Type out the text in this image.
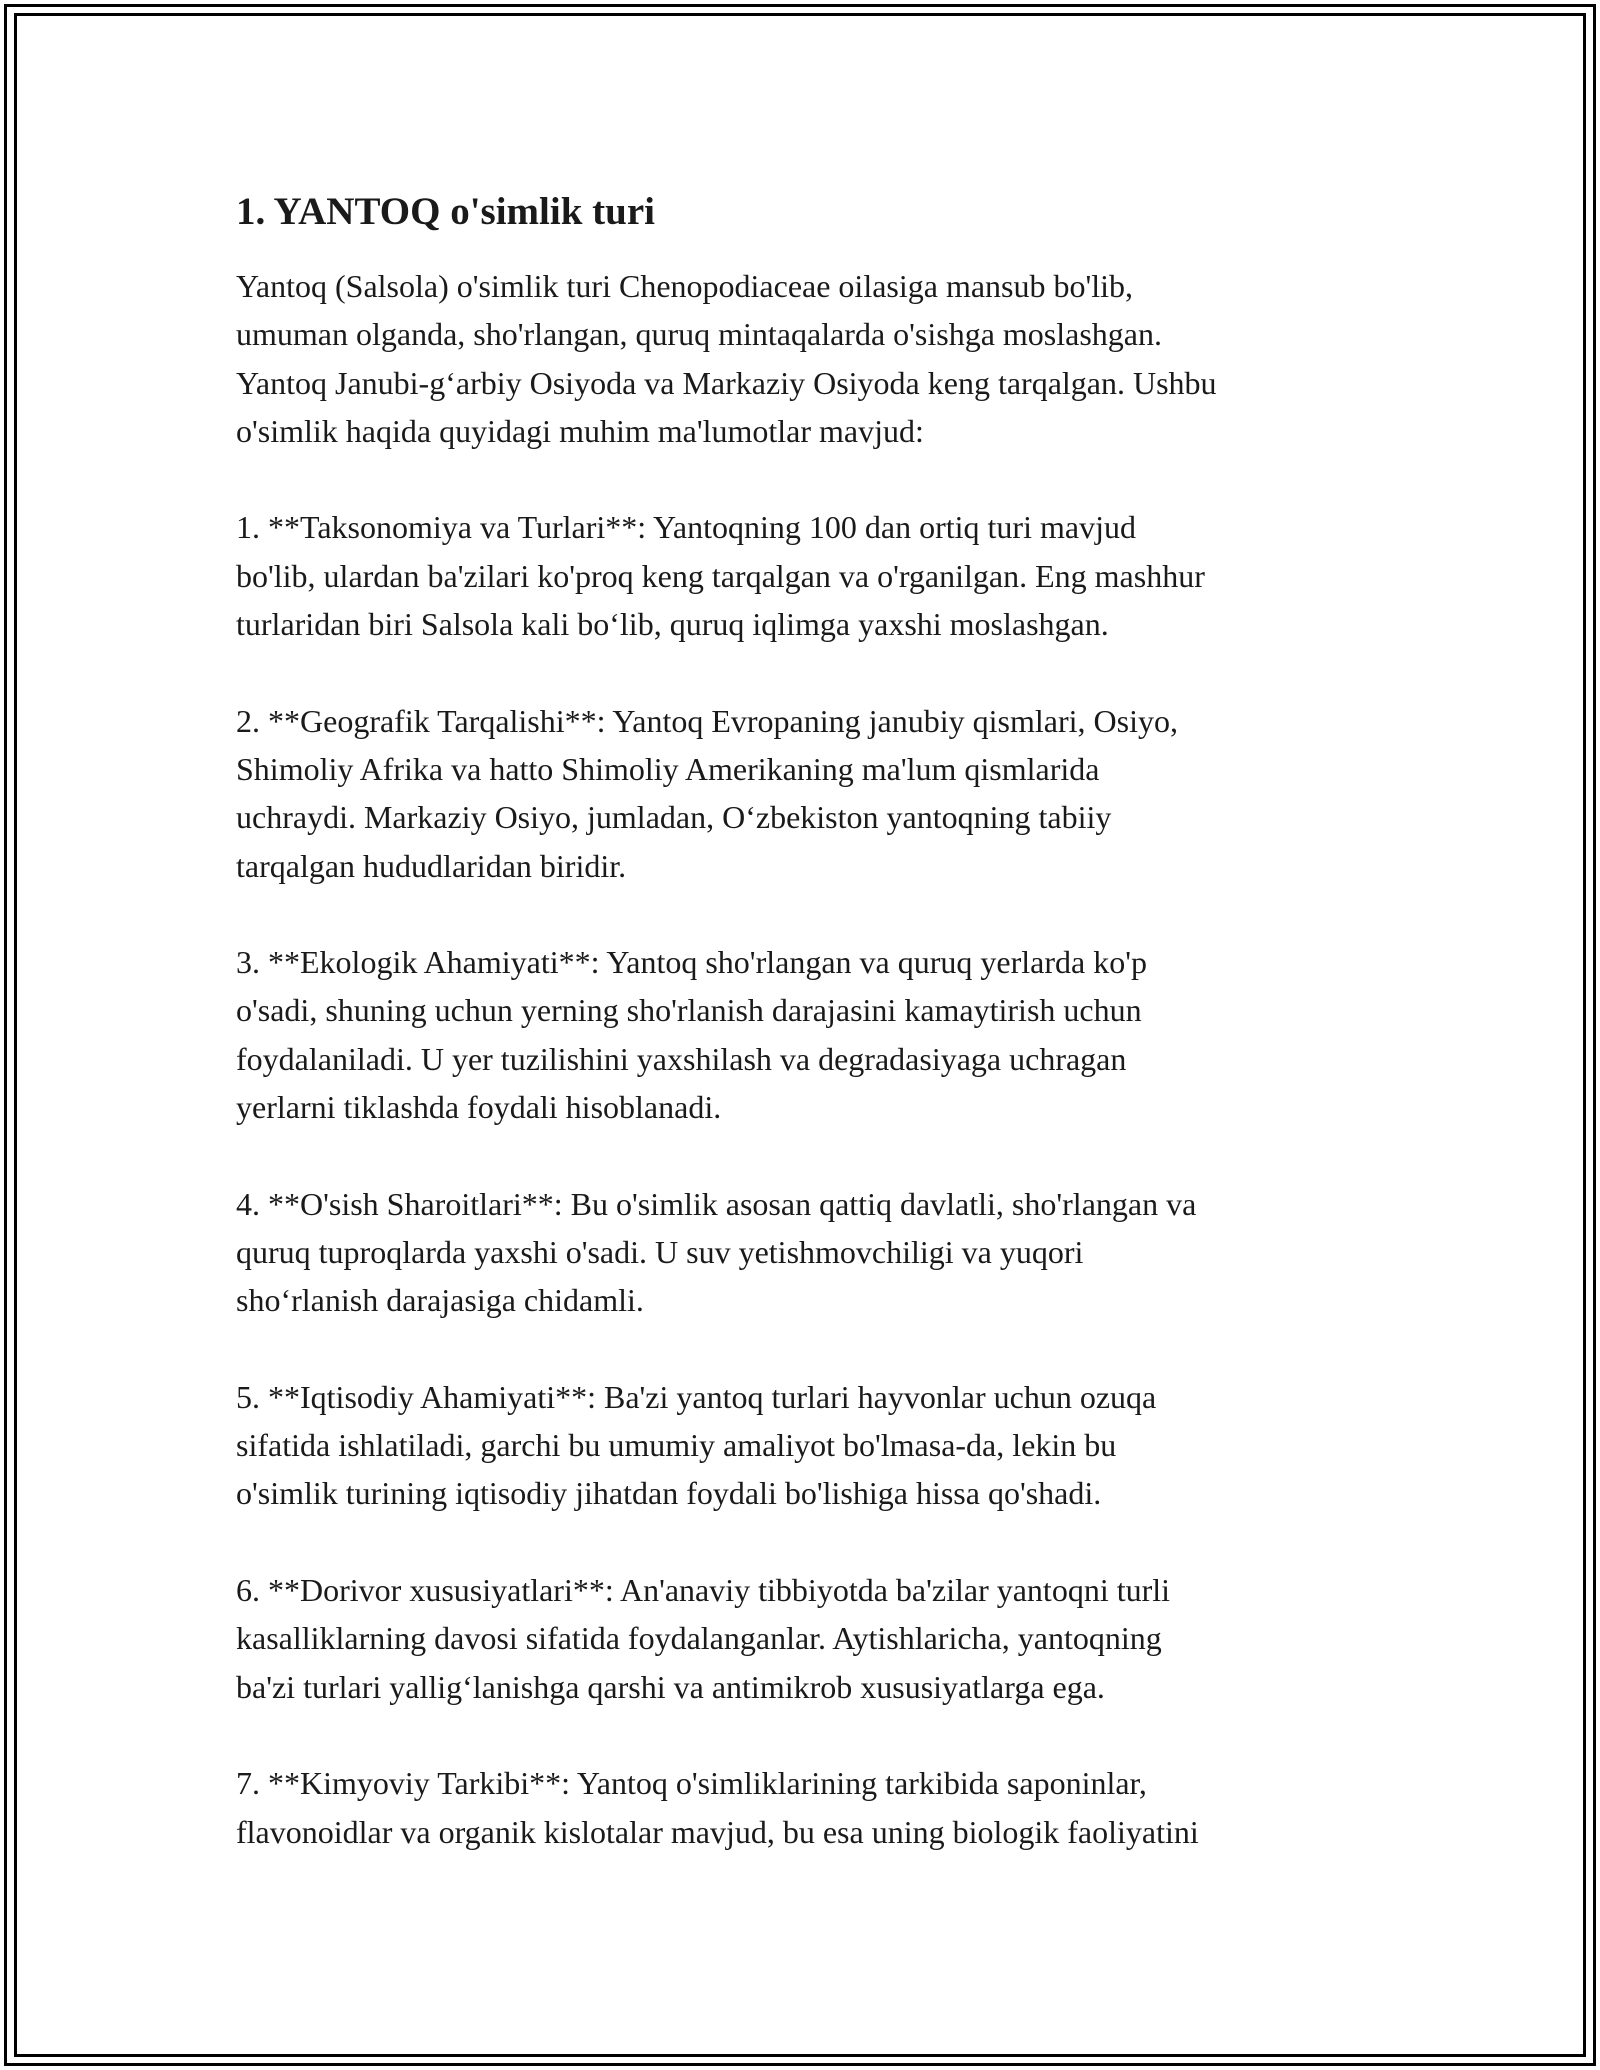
1. YANTOQ o'simlik turi

Yantoq (Salsola) o'simlik turi Chenopodiaceae oilasiga mansub bo'lib,
umuman olganda, sho'rlangan, quruq mintaqalarda o'sishga moslashgan.
Yantoq Janubi-g‘arbiy Osiyoda va Markaziy Osiyoda keng tarqalgan. Ushbu
o'simlik haqida quyidagi muhim ma'lumotlar mavjud:

1. **Taksonomiya va Turlari**: Yantoqning 100 dan ortiq turi mavjud
bo'lib, ulardan ba'zilari ko'proq keng tarqalgan va o'rganilgan. Eng mashhur
turlaridan biri Salsola kali bo‘lib, quruq iqlimga yaxshi moslashgan.

2. **Geografik Tarqalishi**: Yantoq Evropaning janubiy qismlari, Osiyo,
Shimoliy Afrika va hatto Shimoliy Amerikaning ma'lum qismlarida
uchraydi. Markaziy Osiyo, jumladan, O‘zbekiston yantoqning tabiiy
tarqalgan hududlaridan biridir.

3. **Ekologik Ahamiyati**: Yantoq sho'rlangan va quruq yerlarda ko'p
o'sadi, shuning uchun yerning sho'rlanish darajasini kamaytirish uchun
foydalaniladi. U yer tuzilishini yaxshilash va degradasiyaga uchragan
yerlarni tiklashda foydali hisoblanadi.

4. **O'sish Sharoitlari**: Bu o'simlik asosan qattiq davlatli, sho'rlangan va
quruq tuproqlarda yaxshi o'sadi. U suv yetishmovchiligi va yuqori
sho‘rlanish darajasiga chidamli.

5. **Iqtisodiy Ahamiyati**: Ba'zi yantoq turlari hayvonlar uchun ozuqa
sifatida ishlatiladi, garchi bu umumiy amaliyot bo'lmasa-da, lekin bu
o'simlik turining iqtisodiy jihatdan foydali bo'lishiga hissa qo'shadi.

6. **Dorivor xususiyatlari**: An'anaviy tibbiyotda ba'zilar yantoqni turli
kasalliklarning davosi sifatida foydalanganlar. Aytishlaricha, yantoqning
ba'zi turlari yallig‘lanishga qarshi va antimikrob xususiyatlarga ega.

7. **Kimyoviy Tarkibi**: Yantoq o'simliklarining tarkibida saponinlar,
flavonoidlar va organik kislotalar mavjud, bu esa uning biologik faoliyatini
